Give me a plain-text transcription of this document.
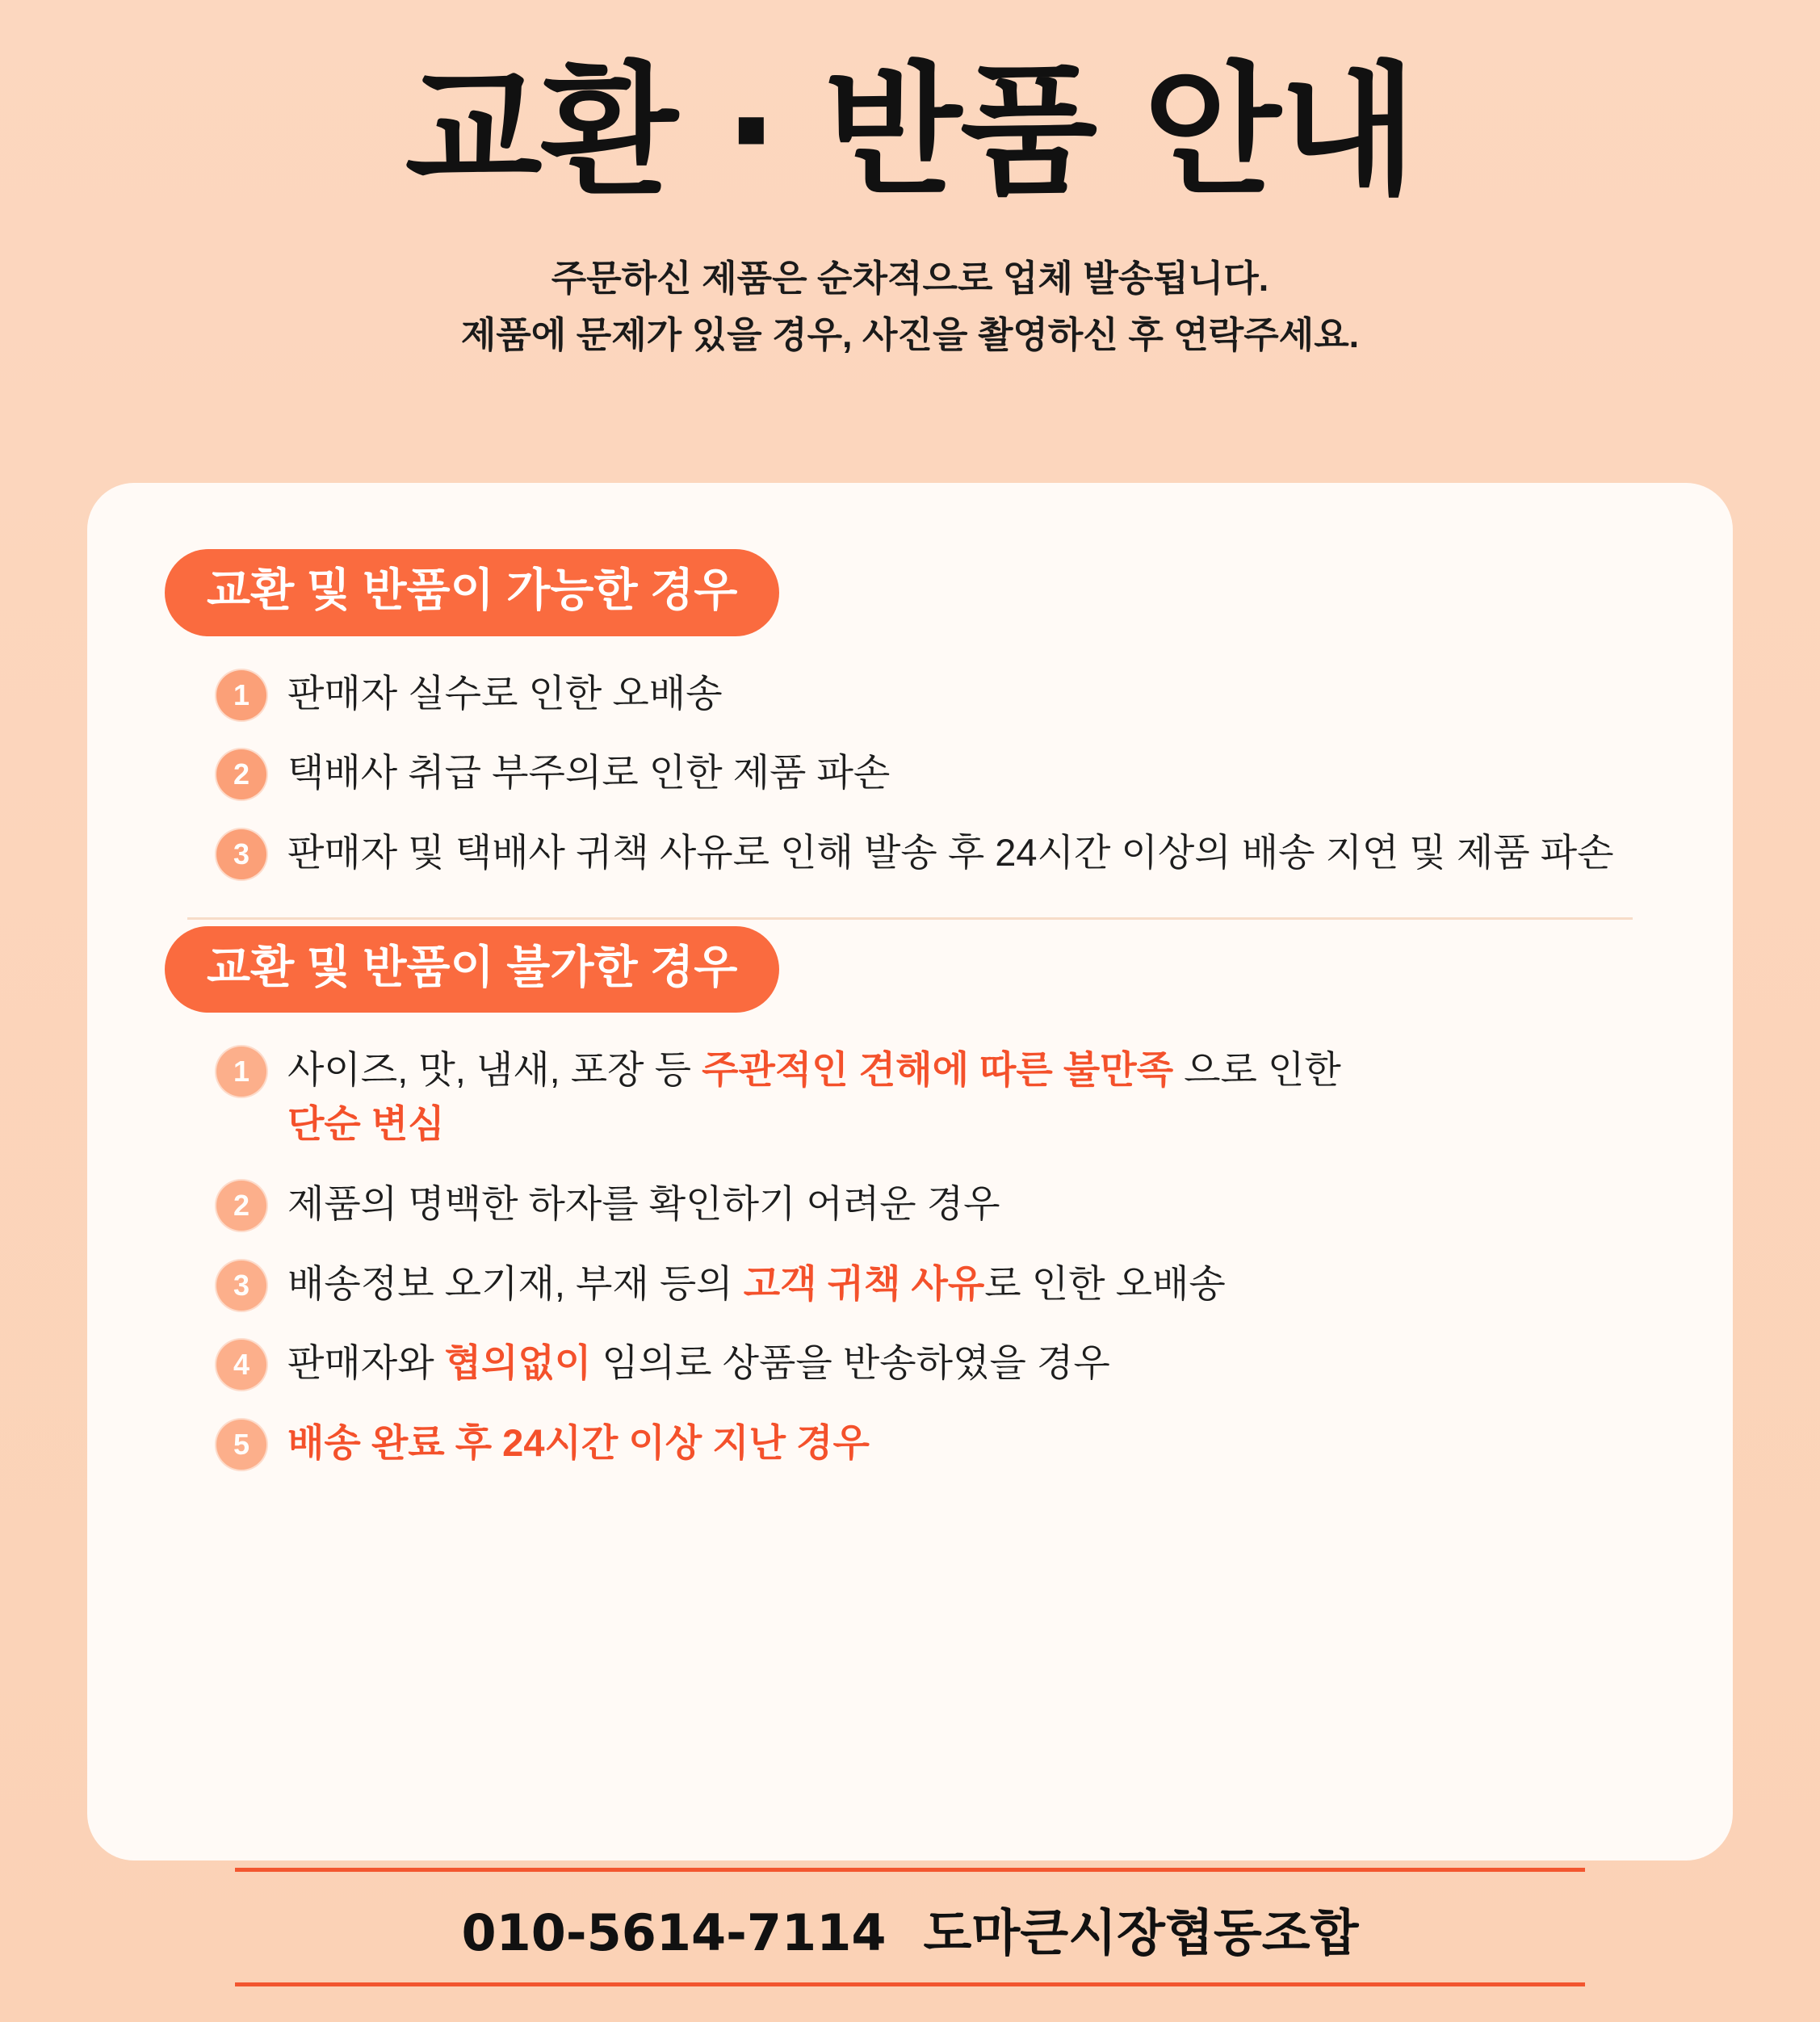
교환 · 반품 안내
주문하신 제품은 순차적으로 업체 발송됩니다.
제품에 문제가 있을 경우, 사진을 촬영하신 후 연락주세요.
교환 및 반품이 가능한 경우
1 판매자 실수로 인한 오배송
2 택배사 취급 부주의로 인한 제품 파손
3 판매자 및 택배사 귀책 사유로 인해 발송 후 24시간 이상의 배송 지연 및 제품 파손
교환 및 반품이 불가한 경우
1 사이즈, 맛, 냄새, 포장 등 주관적인 견해에 따른 불만족 으로 인한
단순 변심
2 제품의 명백한 하자를 확인하기 어려운 경우
3 배송정보 오기재, 부재 등의 고객 귀책 사유로 인한 오배송
4 판매자와 협의없이 임의로 상품을 반송하였을 경우
5 배송 완료 후 24시간 이상 지난 경우
010-5614-7114 도마큰시장협동조합
